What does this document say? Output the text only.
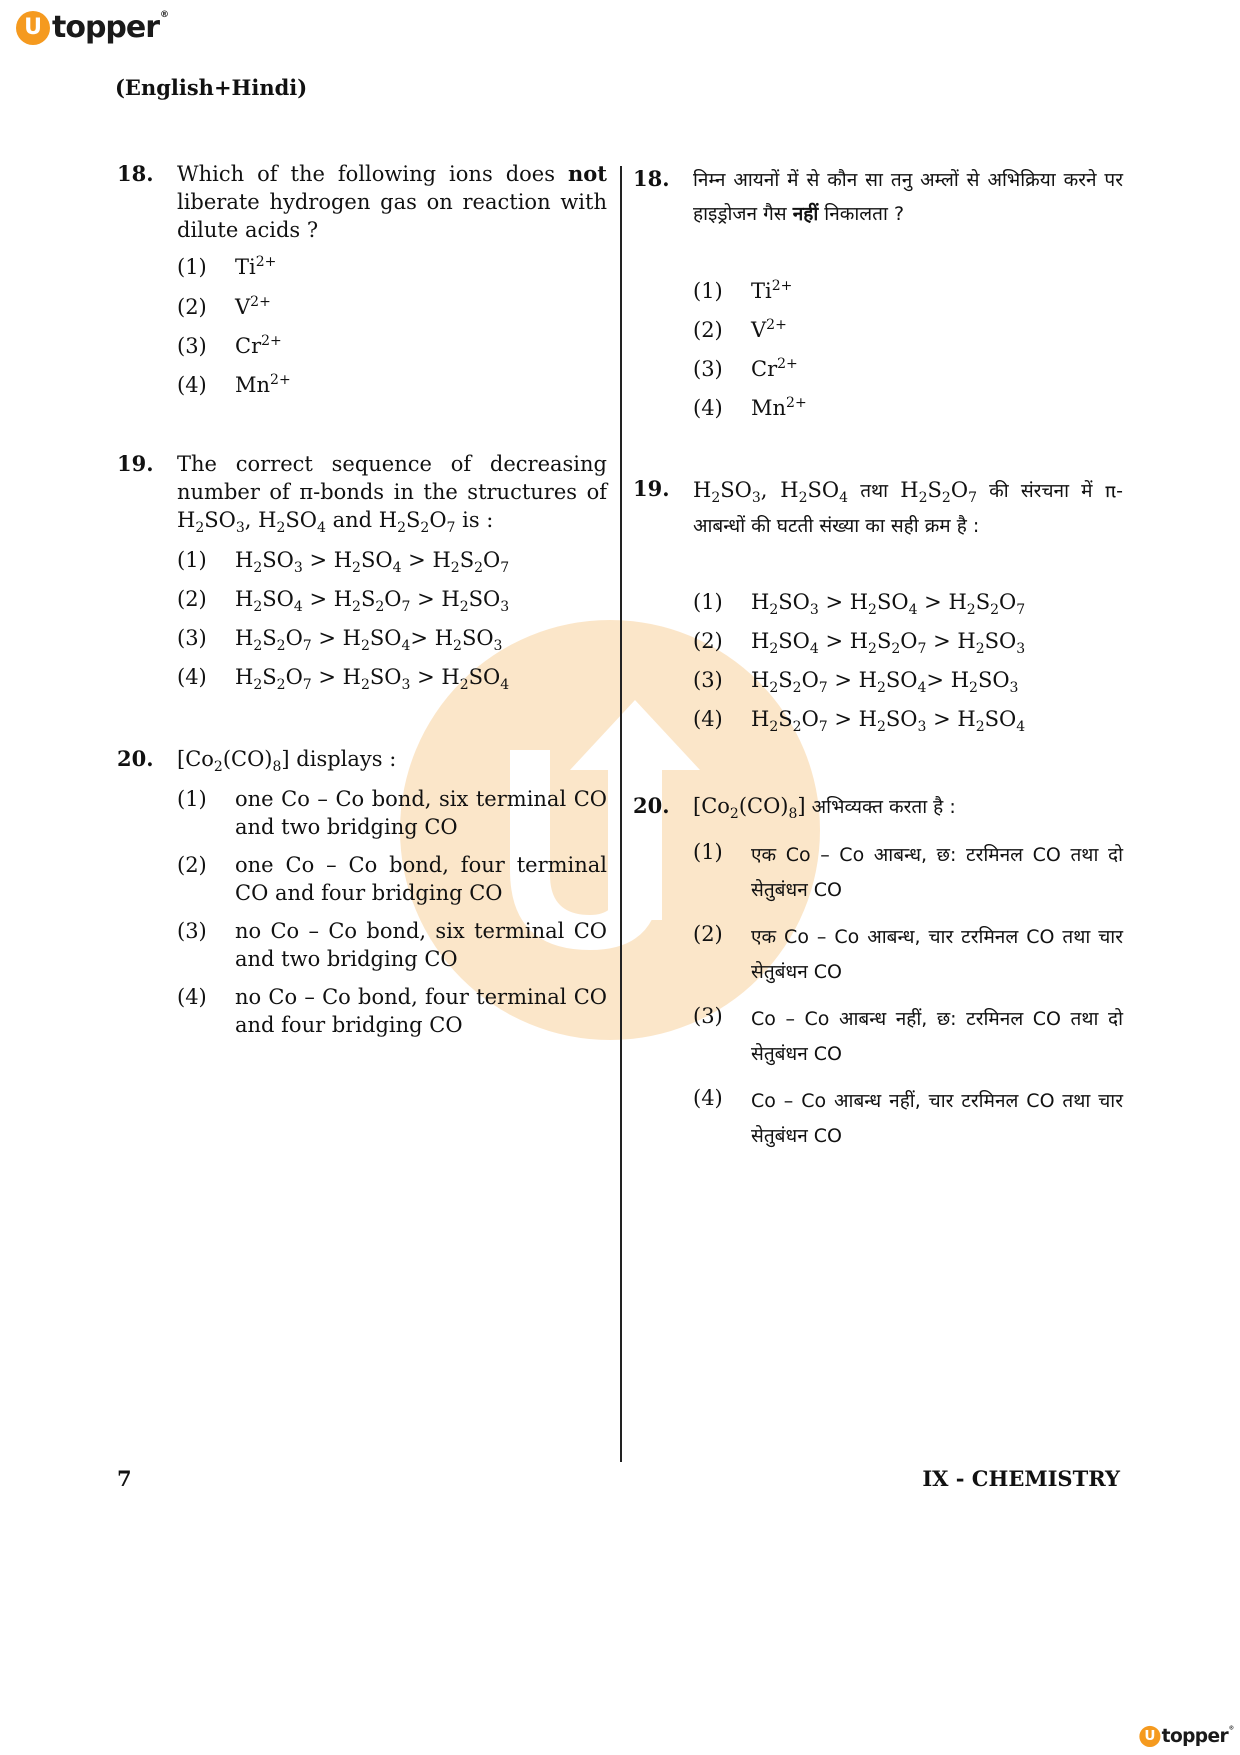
U topper ®
(English+Hindi)
18. Which of the following ions does not liberate hydrogen gas on reaction with dilute acids ?
(1) $Ti^{2+}$
(2) $V^{2+}$
(3) $Cr^{2+}$
(4) $Mn^{2+}$
19. The correct sequence of decreasing number of π-bonds in the structures of $H_2SO_3$, $H_2SO_4$ and $H_2S_2O_7$ is :
(1) $H_2SO_3 > H_2SO_4 > H_2S_2O_7$
(2) $H_2SO_4 > H_2S_2O_7 > H_2SO_3$
(3) $H_2S_2O_7 > H_2SO_4> H_2SO_3$
(4) $H_2S_2O_7 > H_2SO_3 > H_2SO_4$
20. $[Co_2(CO)_8]$ displays :
(1) one Co – Co bond, six terminal CO and two bridging CO
(2) one Co – Co bond, four terminal CO and four bridging CO
(3) no Co – Co bond, six terminal CO and two bridging CO
(4) no Co – Co bond, four terminal CO and four bridging CO
18. निम्न आयनों में से कौन सा तनु अम्लों से अभिक्रिया करने पर हाइड्रोजन गैस नहीं निकालता ?
(1) $Ti^{2+}$
(2) $V^{2+}$
(3) $Cr^{2+}$
(4) $Mn^{2+}$
19. $H_2SO_3$, $H_2SO_4$ तथा $H_2S_2O_7$ की संरचना में π- आबन्धों की घटती संख्या का सही क्रम है :
(1) $H_2SO_3 > H_2SO_4 > H_2S_2O_7$
(2) $H_2SO_4 > H_2S_2O_7 > H_2SO_3$
(3) $H_2S_2O_7 > H_2SO_4> H_2SO_3$
(4) $H_2S_2O_7 > H_2SO_3 > H_2SO_4$
20. $[Co_2(CO)_8]$ अभिव्यक्त करता है :
(1) एक Co – Co आबन्ध, छ: टरमिनल CO तथा दो सेतुबंधन CO
(2) एक Co – Co आबन्ध, चार टरमिनल CO तथा चार सेतुबंधन CO
(3) Co – Co आबन्ध नहीं, छ: टरमिनल CO तथा दो सेतुबंधन CO
(4) Co – Co आबन्ध नहीं, चार टरमिनल CO तथा चार सेतुबंधन CO
7	IX - CHEMISTRY
U topper ®
